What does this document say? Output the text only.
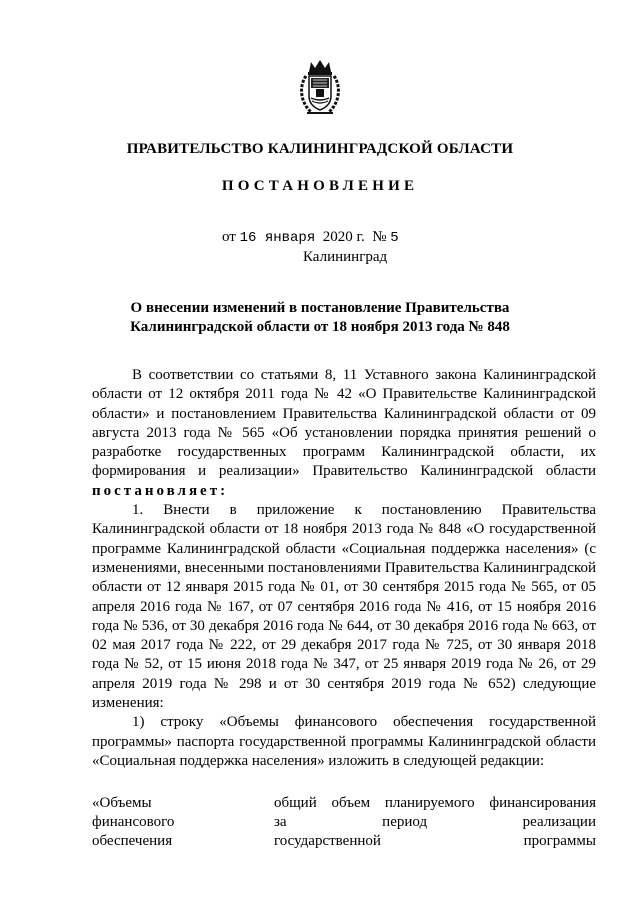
ПРАВИТЕЛЬСТВО КАЛИНИНГРАДСКОЙ ОБЛАСТИ
ПОСТАНОВЛЕНИЕ
от 16 января 2020 г. № 5
Калининград
О внесении изменений в постановление Правительства Калининградской области от 18 ноября 2013 года № 848

В соответствии со статьями 8, 11 Уставного закона Калининградской области от 12 октября 2011 года № 42 «О Правительстве Калининградской области» и постановлением Правительства Калининградской области от 09 августа 2013 года № 565 «Об установлении порядка принятия решений о разработке государственных программ Калининградской области, их формирования и реализации» Правительство Калининградской области постановляет:

1. Внести в приложение к постановлению Правительства Калининградской области от 18 ноября 2013 года № 848 «О государственной программе Калининградской области «Социальная поддержка населения» (с изменениями, внесенными постановлениями Правительства Калининградской области от 12 января 2015 года № 01, от 30 сентября 2015 года № 565, от 05 апреля 2016 года № 167, от 07 сентября 2016 года № 416, от 15 ноября 2016 года № 536, от 30 декабря 2016 года № 644, от 30 декабря 2016 года № 663, от 02 мая 2017 года № 222, от 29 декабря 2017 года № 725, от 30 января 2018 года № 52, от 15 июня 2018 года № 347, от 25 января 2019 года № 26, от 29 апреля 2019 года № 298 и от 30 сентября 2019 года № 652) следующие изменения:

1) строку «Объемы финансового обеспечения государственной программы» паспорта государственной программы Калининградской области «Социальная поддержка населения» изложить в следующей редакции:

«Объемы
финансового
обеспечения
общий объем планируемого финансирования
за период реализации
государственной программы
